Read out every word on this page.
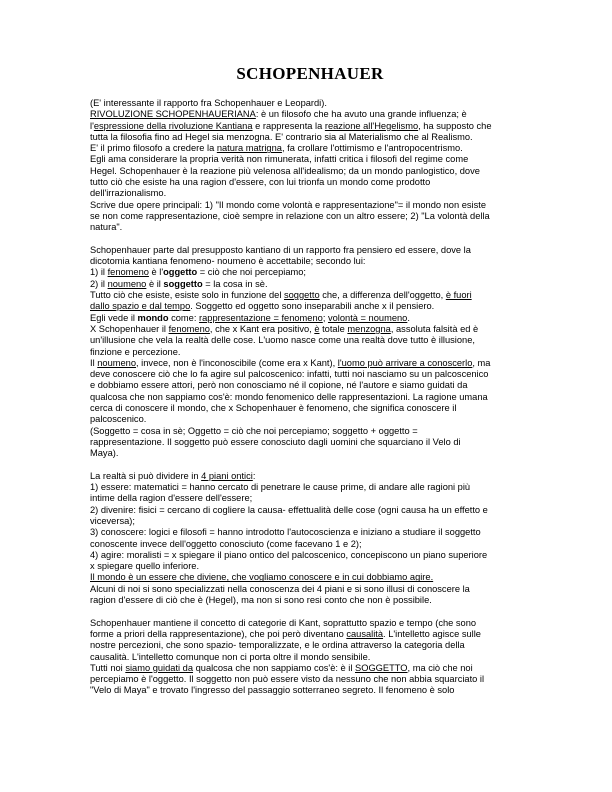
SCHOPENHAUER

(E' interessante il rapporto fra Schopenhauer e Leopardi).

RIVOLUZIONE SCHOPENHAUERIANA: è un filosofo che ha avuto una grande influenza; è

l'espressione della rivoluzione Kantiana e rappresenta la reazione all'Hegelismo, ha supposto che

tutta la filosofia fino ad Hegel sia menzogna. E' contrario sia al Materialismo che al Realismo.

E' il primo filosofo a credere la natura matrigna, fa crollare l'ottimismo e l'antropocentrismo.

Egli ama considerare la propria verità non rimunerata, infatti critica i filosofi del regime come

Hegel. Schopenhauer è la reazione più velenosa all'idealismo; da un mondo panlogistico, dove

tutto ciò che esiste ha una ragion d'essere, con lui trionfa un mondo come prodotto

dell'irrazionalismo.

Scrive due opere principali: 1) "Il mondo come volontà e rappresentazione"= il mondo non esiste

se non come rappresentazione, cioè sempre in relazione con un altro essere; 2) "La volontà della

natura".

Schopenhauer parte dal presupposto kantiano di un rapporto fra pensiero ed essere, dove la

dicotomia kantiana fenomeno- noumeno è accettabile; secondo lui:

1) il fenomeno è l'oggetto = ciò che noi percepiamo;

2) il noumeno è il soggetto = la cosa in sè.

Tutto ciò che esiste, esiste solo in funzione del soggetto che, a differenza dell'oggetto, è fuori

dallo spazio e dal tempo. Soggetto ed oggetto sono inseparabili anche x il pensiero.

Egli vede il mondo come: rappresentazione = fenomeno; volontà = noumeno.

X Schopenhauer il fenomeno, che x Kant era positivo, è totale menzogna, assoluta falsità ed è

un'illusione che vela la realtà delle cose. L'uomo nasce come una realtà dove tutto è illusione,

finzione e percezione.

Il noumeno, invece, non è l'inconoscibile (come era x Kant), l'uomo può arrivare a conoscerlo, ma

deve conoscere ciò che lo fa agire sul palcoscenico: infatti, tutti noi nasciamo su un palcoscenico

e dobbiamo essere attori, però non conosciamo né il copione, né l'autore e siamo guidati da

qualcosa che non sappiamo cos'è: mondo fenomenico delle rappresentazioni. La ragione umana

cerca di conoscere il mondo, che x Schopenhauer è fenomeno, che significa conoscere il

palcoscenico.

(Soggetto = cosa in sè; Oggetto = ciò che noi percepiamo; soggetto + oggetto =

rappresentazione. Il soggetto può essere conosciuto dagli uomini che squarciano il Velo di

Maya).

La realtà si può dividere in 4 piani ontici:

1) essere: matematici = hanno cercato di penetrare le cause prime, di andare alle ragioni più

intime della ragion d'essere dell'essere;

2) divenire: fisici = cercano di cogliere la causa- effettualità delle cose (ogni causa ha un effetto e

viceversa);

3) conoscere: logici e filosofi = hanno introdotto l'autocoscienza e iniziano a studiare il soggetto

conoscente invece dell'oggetto conosciuto (come facevano 1 e 2);

4) agire: moralisti = x spiegare il piano ontico del palcoscenico, concepiscono un piano superiore

x spiegare quello inferiore.

Il mondo è un essere che diviene, che vogliamo conoscere e in cui dobbiamo agire.

Alcuni di noi si sono specializzati nella conoscenza dei 4 piani e si sono illusi di conoscere la

ragion d'essere di ciò che è (Hegel), ma non si sono resi conto che non è possibile.

Schopenhauer mantiene il concetto di categorie di Kant, soprattutto spazio e tempo (che sono

forme a priori della rappresentazione), che poi però diventano causalità. L'intelletto agisce sulle

nostre percezioni, che sono spazio- temporalizzate, e le ordina attraverso la categoria della

causalità. L'intelletto comunque non ci porta oltre il mondo sensibile.

Tutti noi siamo guidati da qualcosa che non sappiamo cos'è: è il SOGGETTO, ma ciò che noi

percepiamo è l'oggetto. Il soggetto non può essere visto da nessuno che non abbia squarciato il

"Velo di Maya" e trovato l'ingresso del passaggio sotterraneo segreto. Il fenomeno è solo
